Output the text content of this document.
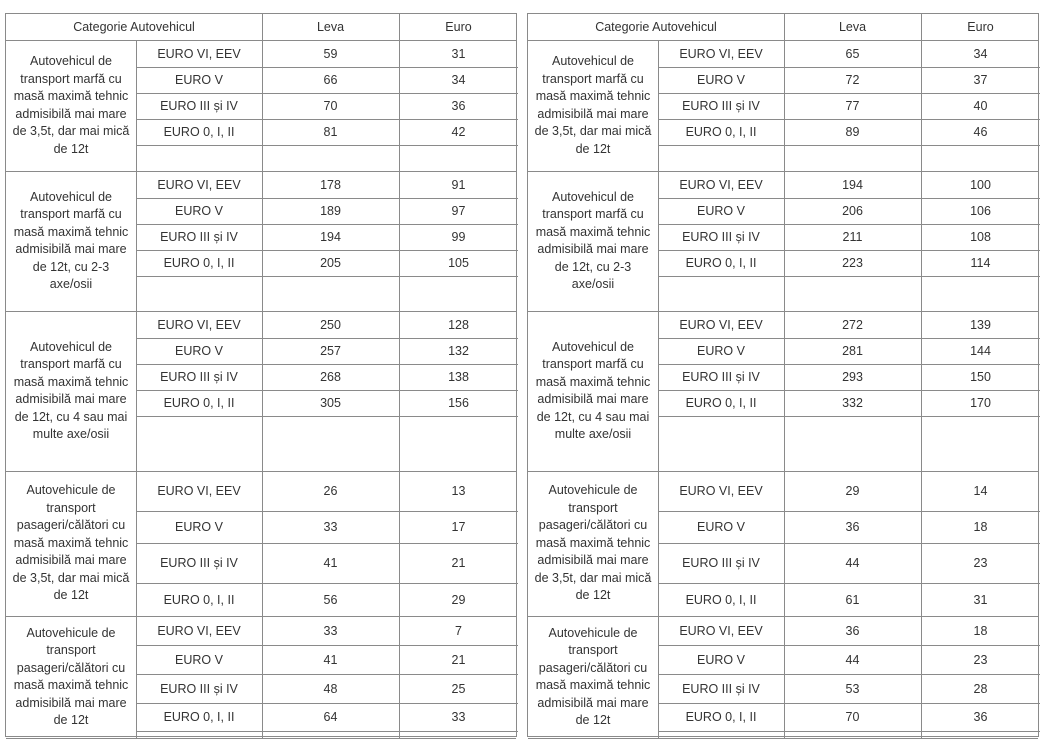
Categorie Autovehicul	Leva	Euro
Autovehicul de transport marfă cu masă maximă tehnic admisibilă mai mare de 3,5t, dar mai mică de 12t
EURO VI, EEV	59	31
EURO V	66	34
EURO III și IV	70	36
EURO 0, I, II	81	42
Autovehicul de transport marfă cu masă maximă tehnic admisibilă mai mare de 12t, cu 2-3 axe/osii
EURO VI, EEV	178	91
EURO V	189	97
EURO III și IV	194	99
EURO 0, I, II	205	105
Autovehicul de transport marfă cu masă maximă tehnic admisibilă mai mare de 12t, cu 4 sau mai multe axe/osii
EURO VI, EEV	250	128
EURO V	257	132
EURO III și IV	268	138
EURO 0, I, II	305	156
Autovehicule de transport pasageri/călători cu masă maximă tehnic admisibilă mai mare de 3,5t, dar mai mică de 12t
EURO VI, EEV	26	13
EURO V	33	17
EURO III și IV	41	21
EURO 0, I, II	56	29
Autovehicule de transport pasageri/călători cu masă maximă tehnic admisibilă mai mare de 12t
EURO VI, EEV	33	7
EURO V	41	21
EURO III și IV	48	25
EURO 0, I, II	64	33
Categorie Autovehicul	Leva	Euro
Autovehicul de transport marfă cu masă maximă tehnic admisibilă mai mare de 3,5t, dar mai mică de 12t
EURO VI, EEV	65	34
EURO V	72	37
EURO III și IV	77	40
EURO 0, I, II	89	46
Autovehicul de transport marfă cu masă maximă tehnic admisibilă mai mare de 12t, cu 2-3 axe/osii
EURO VI, EEV	194	100
EURO V	206	106
EURO III și IV	211	108
EURO 0, I, II	223	114
Autovehicul de transport marfă cu masă maximă tehnic admisibilă mai mare de 12t, cu 4 sau mai multe axe/osii
EURO VI, EEV	272	139
EURO V	281	144
EURO III și IV	293	150
EURO 0, I, II	332	170
Autovehicule de transport pasageri/călători cu masă maximă tehnic admisibilă mai mare de 3,5t, dar mai mică de 12t
EURO VI, EEV	29	14
EURO V	36	18
EURO III și IV	44	23
EURO 0, I, II	61	31
Autovehicule de transport pasageri/călători cu masă maximă tehnic admisibilă mai mare de 12t
EURO VI, EEV	36	18
EURO V	44	23
EURO III și IV	53	28
EURO 0, I, II	70	36
